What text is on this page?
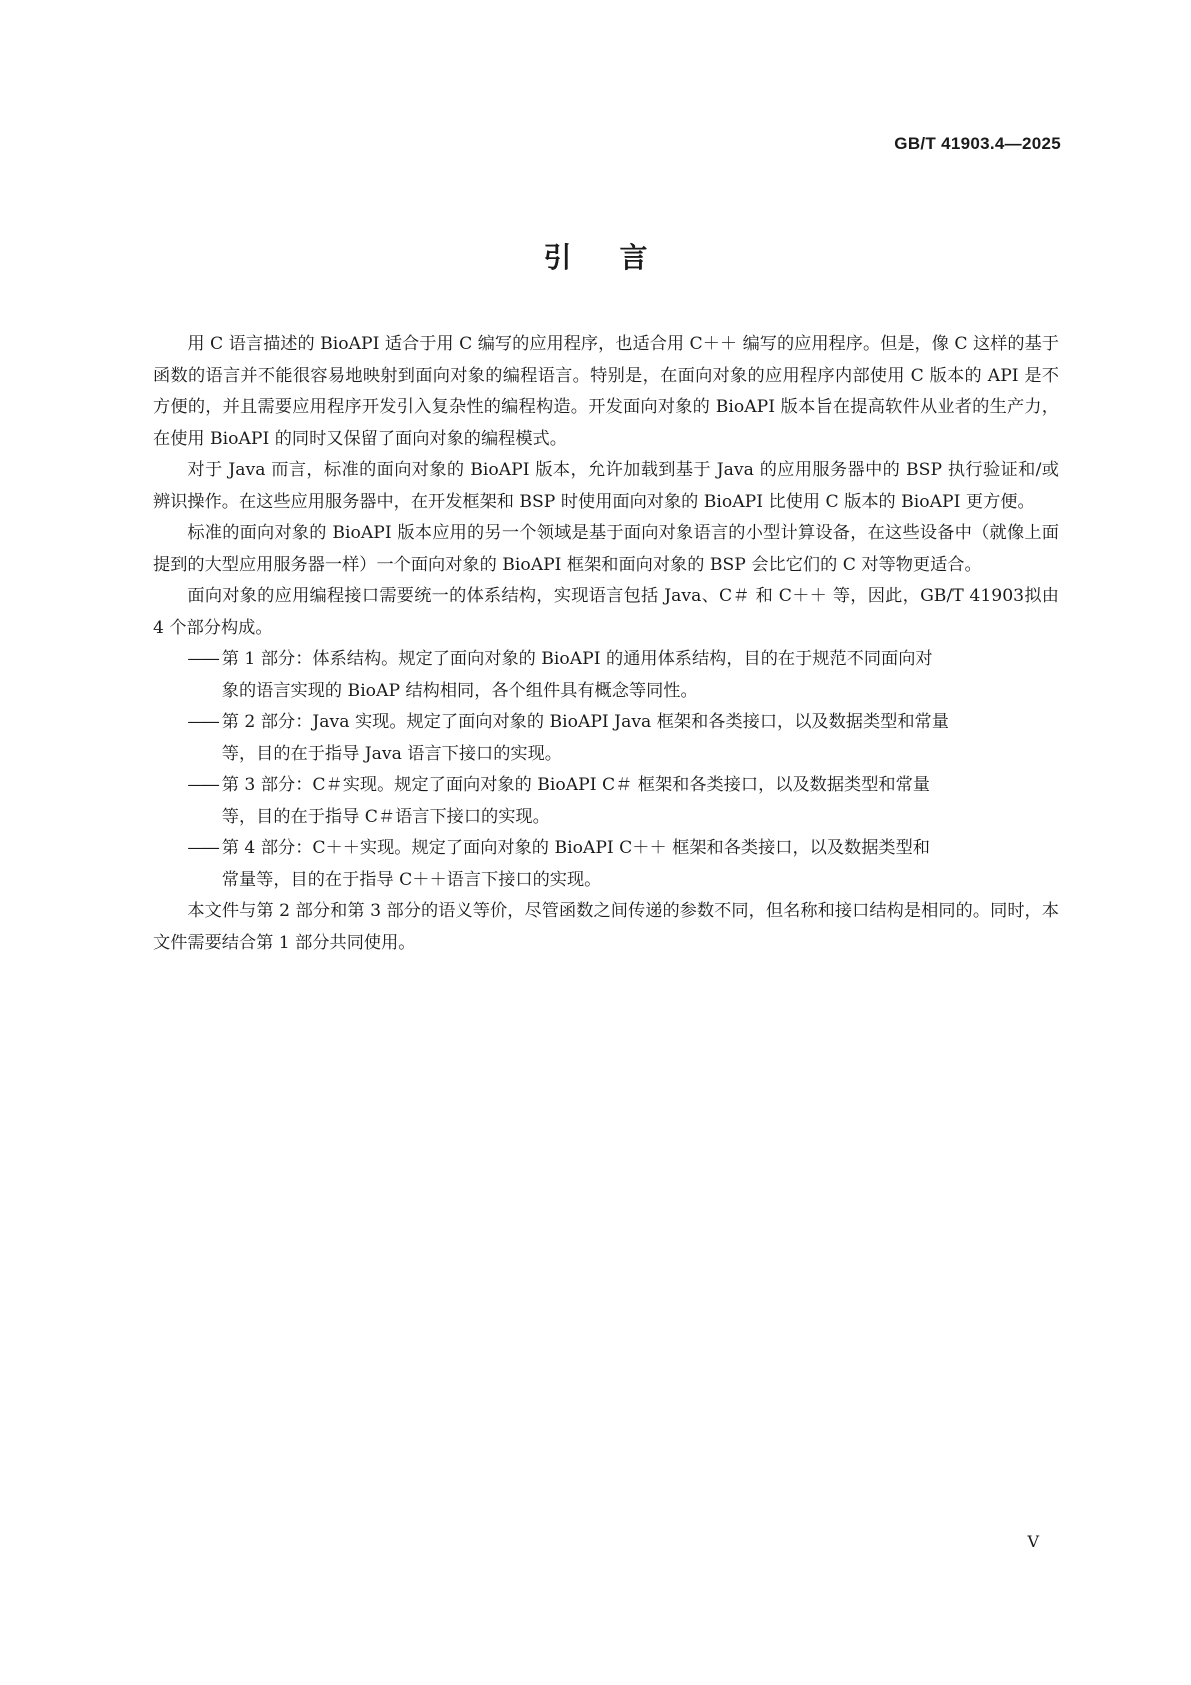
GB/T 41903.4—2025
引言

用 C 语言描述的 BioAPI 适合于用 C 编写的应用程序，也适合用 C＋＋ 编写的应用程序。但是，像 C 这样的基于函数的语言并不能很容易地映射到面向对象的编程语言。特别是，在面向对象的应用程序内部使用 C 版本的 API 是不方便的，并且需要应用程序开发引入复杂性的编程构造。开发面向对象的 BioAPI 版本旨在提高软件从业者的生产力，在使用 BioAPI 的同时又保留了面向对象的编程模式。

对于 Java 而言，标准的面向对象的 BioAPI 版本，允许加载到基于 Java 的应用服务器中的 BSP 执行验证和/或辨识操作。在这些应用服务器中，在开发框架和 BSP 时使用面向对象的 BioAPI 比使用 C 版本的 BioAPI 更方便。

标准的面向对象的 BioAPI 版本应用的另一个领域是基于面向对象语言的小型计算设备，在这些设备中（就像上面提到的大型应用服务器一样）一个面向对象的 BioAPI 框架和面向对象的 BSP 会比它们的 C 对等物更适合。

面向对象的应用编程接口需要统一的体系结构，实现语言包括 Java、C＃ 和 C＋＋ 等，因此，GB/T 41903拟由 4 个部分构成。

—— 第 1 部分：体系结构。规定了面向对象的 BioAPI 的通用体系结构，目的在于规范不同面向对
象的语言实现的 BioAP 结构相同，各个组件具有概念等同性。
—— 第 2 部分：Java 实现。规定了面向对象的 BioAPI Java 框架和各类接口，以及数据类型和常量
等，目的在于指导 Java 语言下接口的实现。
—— 第 3 部分：C＃实现。规定了面向对象的 BioAPI C＃ 框架和各类接口，以及数据类型和常量
等，目的在于指导 C＃语言下接口的实现。
—— 第 4 部分：C＋＋实现。规定了面向对象的 BioAPI C＋＋ 框架和各类接口，以及数据类型和
常量等，目的在于指导 C＋＋语言下接口的实现。

本文件与第 2 部分和第 3 部分的语义等价，尽管函数之间传递的参数不同，但名称和接口结构是相同的。同时，本文件需要结合第 1 部分共同使用。

V
